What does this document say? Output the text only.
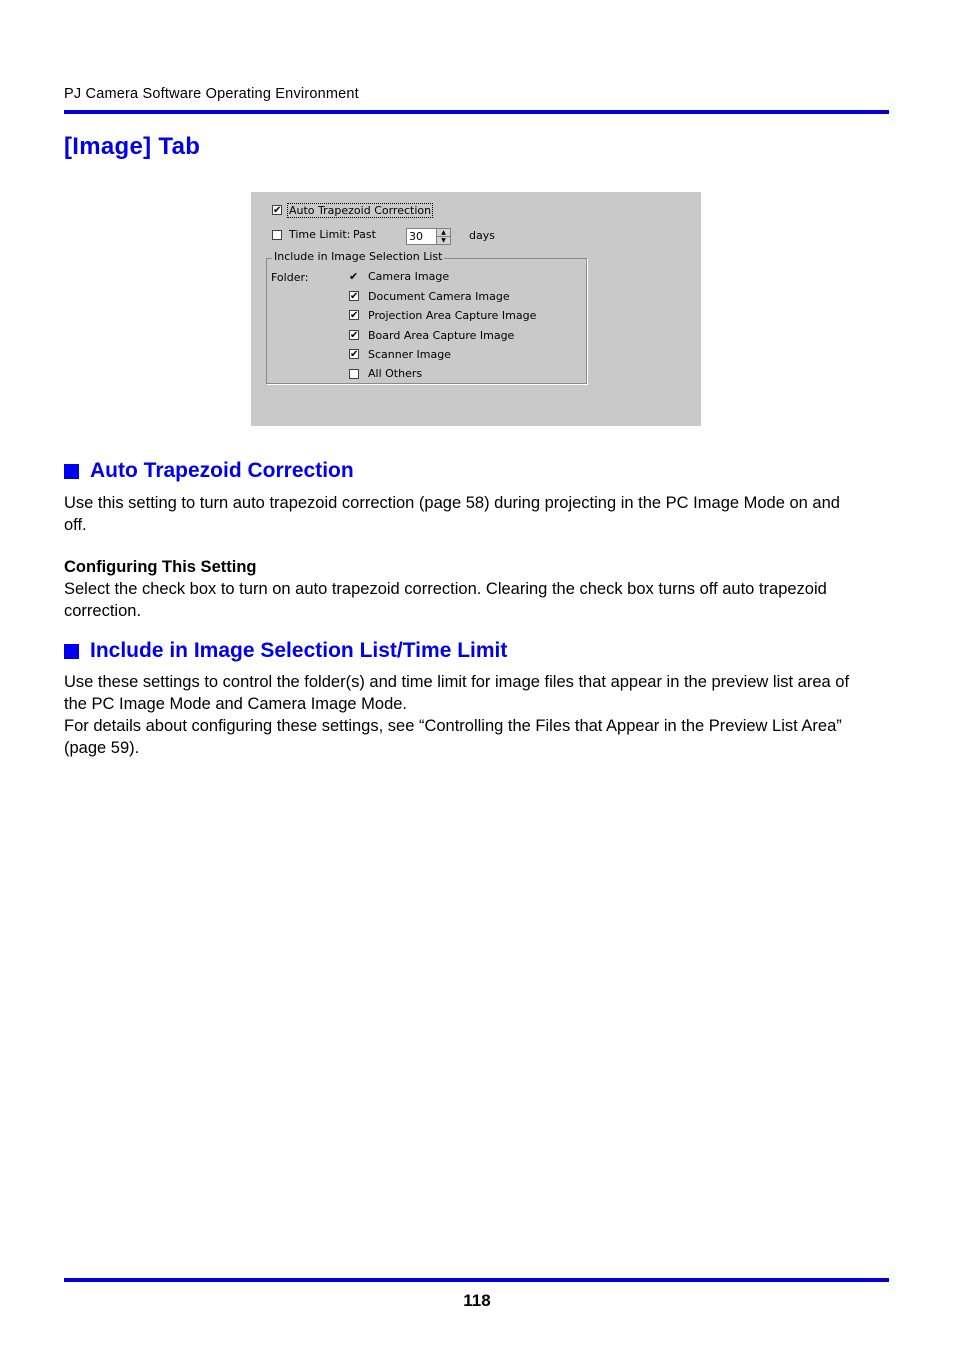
PJ Camera Software Operating Environment
[Image] Tab
✔ Auto Trapezoid Correction
Time Limit: Past	30	▲
▼	days
Include in Image Selection List
Folder:	✔ Camera Image
✔ Document Camera Image
✔ Projection Area Capture Image
✔ Board Area Capture Image
✔ Scanner Image
All Others
Auto Trapezoid Correction

Use this setting to turn auto trapezoid correction (page 58) during projecting in the PC Image Mode on and off.

Configuring This Setting

Select the check box to turn on auto trapezoid correction. Clearing the check box turns off auto trapezoid correction.

Include in Image Selection List/Time Limit

Use these settings to control the folder(s) and time limit for image files that appear in the preview list area of the PC Image Mode and Camera Image Mode.

For details about configuring these settings, see “Controlling the Files that Appear in the Preview List Area” (page 59).

118
